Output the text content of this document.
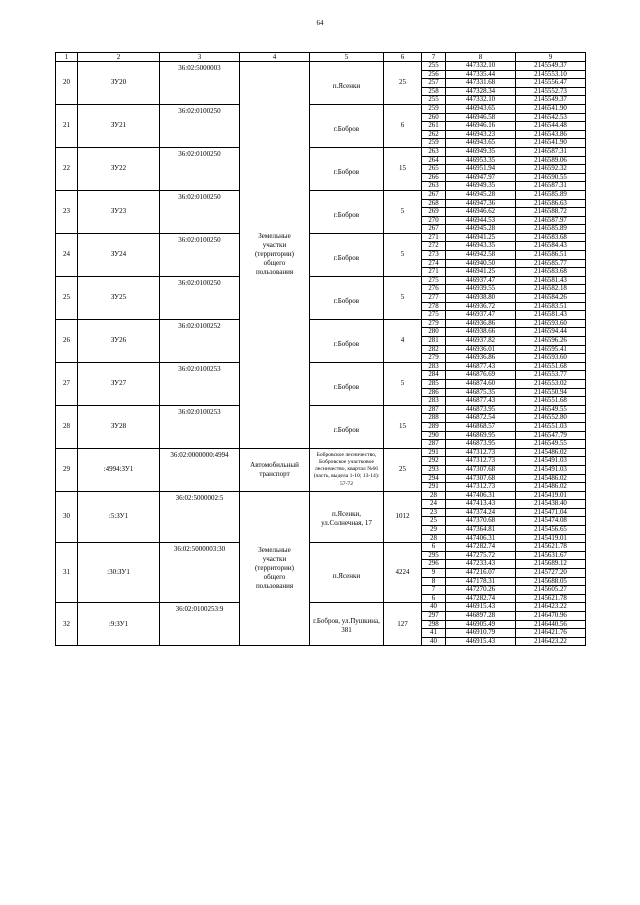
64
1	2	3	4	5	6	7	8	9
20	ЗУ20	36:02:5000003	Земельные участки (территории) общего пользования	п.Ясенки	25	255	447332.10	2145549.37
						256	447335.44	2145553.10
						257	447331.68	2145556.47
						258	447328.34	2145552.73
						255	447332.10	2145549.37
21	ЗУ21	36:02:0100250		г.Бобров	6	259	446943.65	2146541.90
						260	446946.58	2146542.53
						261	446946.16	2146544.48
						262	446943.23	2146543.86
						259	446943.65	2146541.90
22	ЗУ22	36:02:0100250		г.Бобров	15	263	446949.35	2146587.31
						264	446953.35	2146589.06
						265	446951.94	2146592.32
						266	446947.97	2146590.55
						263	446949.35	2146587.31
23	ЗУ23	36:02:0100250		г.Бобров	5	267	446945.28	2146585.89
						268	446947.36	2146586.63
						269	446946.62	2146588.72
						270	446944.53	2146587.97
						267	446945.28	2146585.89
24	ЗУ24	36:02:0100250		г.Бобров	5	271	446941.25	2146583.68
						272	446943.35	2146584.43
						273	446942.58	2146586.51
						274	446940.50	2146585.77
						271	446941.25	2146583.68
25	ЗУ25	36:02:0100250		г.Бобров	5	275	446937.47	2146581.43
						276	446939.55	2146582.18
						277	446938.80	2146584.26
						278	446936.72	2146583.51
						275	446937.47	2146581.43
26	ЗУ26	36:02:0100252		г.Бобров	4	279	446936.86	2146593.60
						280	446938.66	2146594.44
						281	446937.82	2146596.26
						282	446936.01	2146595.41
						279	446936.86	2146593.60
27	ЗУ27	36:02:0100253		г.Бобров	5	283	446877.43	2146551.68
						284	446876.69	2146553.77
						285	446874.60	2146553.02
						286	446875.35	2146550.94
						283	446877.43	2146551.68
28	ЗУ28	36:02:0100253		г.Бобров	15	287	446873.95	2146549.55
						288	446872.54	2146552.80
						289	446868.57	2146551.03
						290	446869.95	2146547.79
						287	446873.95	2146549.55
29	:4994:ЗУ1	36:02:0000000:4994	Автомобильный транспорт	Бобровское лесничество, Бобровское участковое лесничество, квартал №66 (часть, выдела 1-10; 13-14): 57-72	25	291	447312.73	2145486.02
						292	447312.73	2145491.03
						293	447307.68	2145491.03
						294	447307.68	2145486.02
						291	447312.73	2145486.02
30	:5:ЗУ1	36:02:5000002:5	Земельные участки (территории) общего пользования	п.Ясенки, ул.Солнечная, 17	1012	28	447406.31	2145419.01
						24	447413.43	2145438.40
						23	447374.24	2145471.04
						25	447370.68	2145474.08
						29	447364.81	2145456.65
						28	447406.31	2145419.01
31	:30:ЗУ1	36:02:5000003:30		п.Ясенки	4224	6	447282.74	2145621.78
						295	447275.72	2145631.67
						296	447233.43	2145689.12
						9	447216.07	2145727.20
						8	447178.31	2145688.05
						7	447270.26	2145605.27
						6	447282.74	2145621.78
32	:9:ЗУ1	36:02:0100253:9		г.Бобров, ул.Пушкина, 381	127	40	446915.43	2146423.22
						297	446897.28	2146470.96
						298	446905.49	2146440.56
						41	446910.79	2146421.76
						40	446915.43	2146423.22
